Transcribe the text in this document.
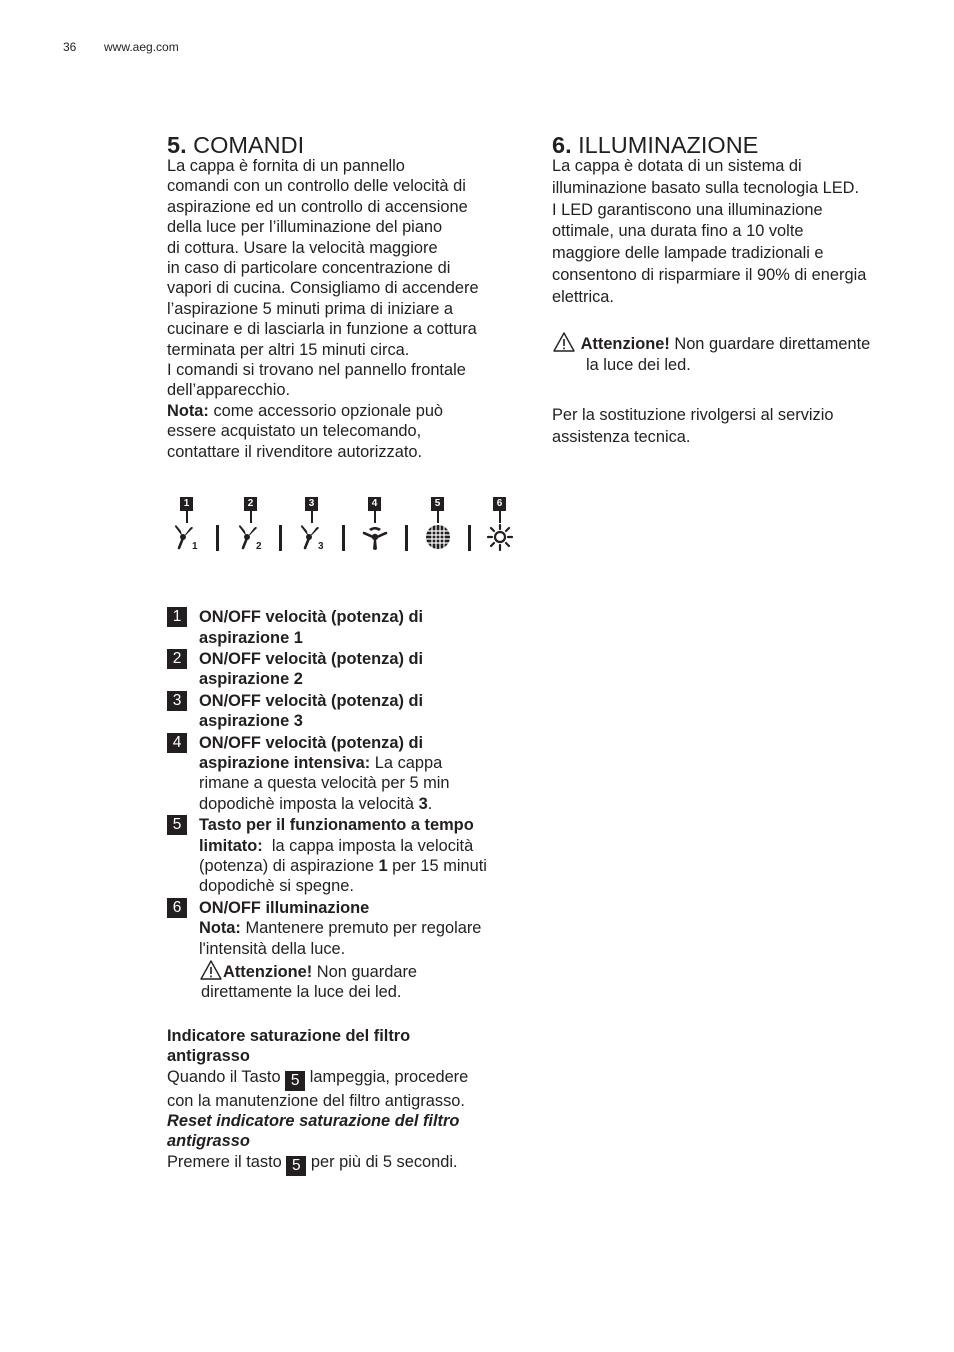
36 www.aeg.com
5. COMANDI

La cappa è fornita di un pannello
comandi con un controllo delle velocità di
aspirazione ed un controllo di accensione
della luce per l’illuminazione del piano
di cottura. Usare la velocità maggiore
in caso di particolare concentrazione di
vapori di cucina. Consigliamo di accendere
l’aspirazione 5 minuti prima di iniziare a
cucinare e di lasciarla in funzione a cottura
terminata per altri 15 minuti circa.
I comandi si trovano nel pannello frontale
dell’apparecchio.
Nota: come accessorio opzionale può
essere acquistato un telecomando,
contattare il rivenditore autorizzato.

1
1
2
2
3
3
4	5	6
1	ON/OFF velocità (potenza) di
aspirazione 1
2	ON/OFF velocità (potenza) di
aspirazione 2
3	ON/OFF velocità (potenza) di
aspirazione 3
4	ON/OFF velocità (potenza) di
aspirazione intensiva: La cappa
rimane a questa velocità per 5 min
dopodichè imposta la velocità 3.
5	Tasto per il funzionamento a tempo
limitato:  la cappa imposta la velocità
(potenza) di aspirazione 1 per 15 minuti
dopodichè si spegne.
6	ON/OFF illuminazione
Nota: Mantenere premuto per regolare
l'intensità della luce.
Attenzione! Non guardare
direttamente la luce dei led.

Indicatore saturazione del filtro
antigrasso
Quando il Tasto 5 lampeggia, procedere
con la manutenzione del filtro antigrasso.
Reset indicatore saturazione del filtro
antigrasso
Premere il tasto 5 per più di 5 secondi.

6. ILLUMINAZIONE

La cappa è dotata di un sistema di
illuminazione basato sulla tecnologia LED.
I LED garantiscono una illuminazione
ottimale, una durata fino a 10 volte
maggiore delle lampade tradizionali e
consentono di risparmiare il 90% di energia
elettrica.

Attenzione! Non guardare direttamente
la luce dei led.

Per la sostituzione rivolgersi al servizio
assistenza tecnica.
